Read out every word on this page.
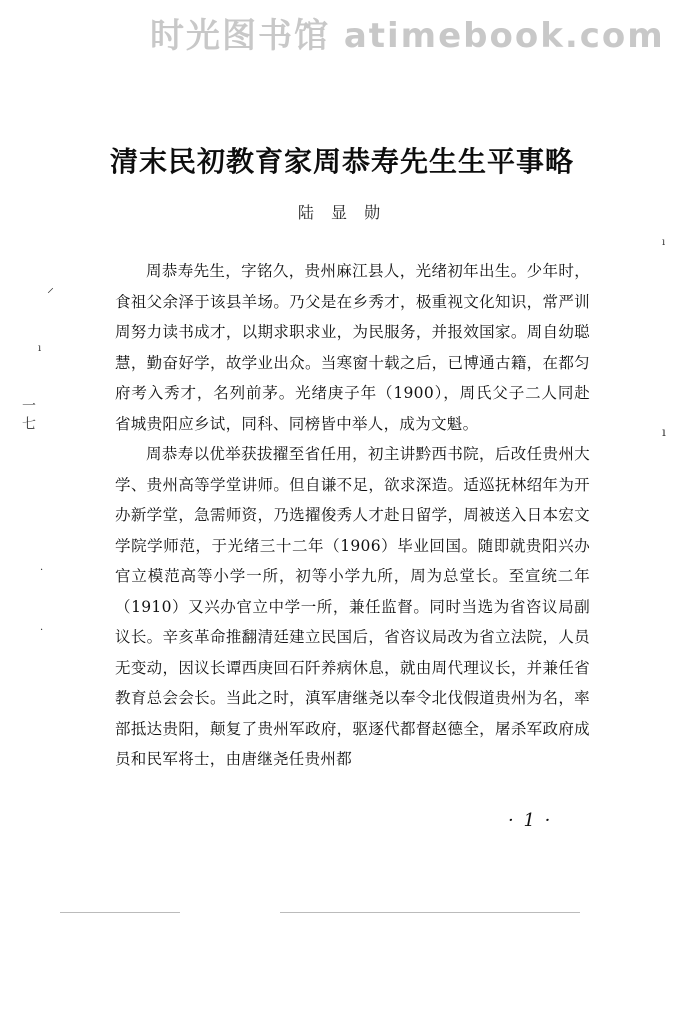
时光图书馆 atimebook.com
清末民初教育家周恭寿先生生平事略
陆 显 勋

周恭寿先生，字铭久，贵州麻江县人，光绪初年出生。少年时，食祖父余泽于该县羊场。乃父是在乡秀才，极重视文化知识，常严训周努力读书成才，以期求职求业，为民服务，并报效国家。周自幼聪慧，勤奋好学，故学业出众。当寒窗十载之后，已博通古籍，在都匀府考入秀才，名列前茅。光绪庚子年（1900），周氏父子二人同赴省城贵阳应乡试，同科、同榜皆中举人，成为文魁。

周恭寿以优举获拔擢至省任用，初主讲黔西书院，后改任贵州大学、贵州高等学堂讲师。但自谦不足，欲求深造。适巡抚林绍年为开办新学堂，急需师资，乃选擢俊秀人才赴日留学，周被送入日本宏文学院学师范，于光绪三十二年（1906）毕业回国。随即就贵阳兴办官立模范高等小学一所，初等小学九所，周为总堂长。至宣统二年（1910）又兴办官立中学一所，兼任监督。同时当选为省咨议局副议长。辛亥革命推翻清廷建立民国后，省咨议局改为省立法院，人员无变动，因议长谭西庚回石阡养病休息，就由周代理议长，并兼任省教育总会会长。当此之时，滇军唐继尧以奉令北伐假道贵州为名，率部抵达贵阳，颠复了贵州军政府，驱逐代都督赵德全，屠杀军政府成员和民军将士，由唐继尧任贵州都

· 1 ·
⸝
ı
一七
·
·
ı
ı
